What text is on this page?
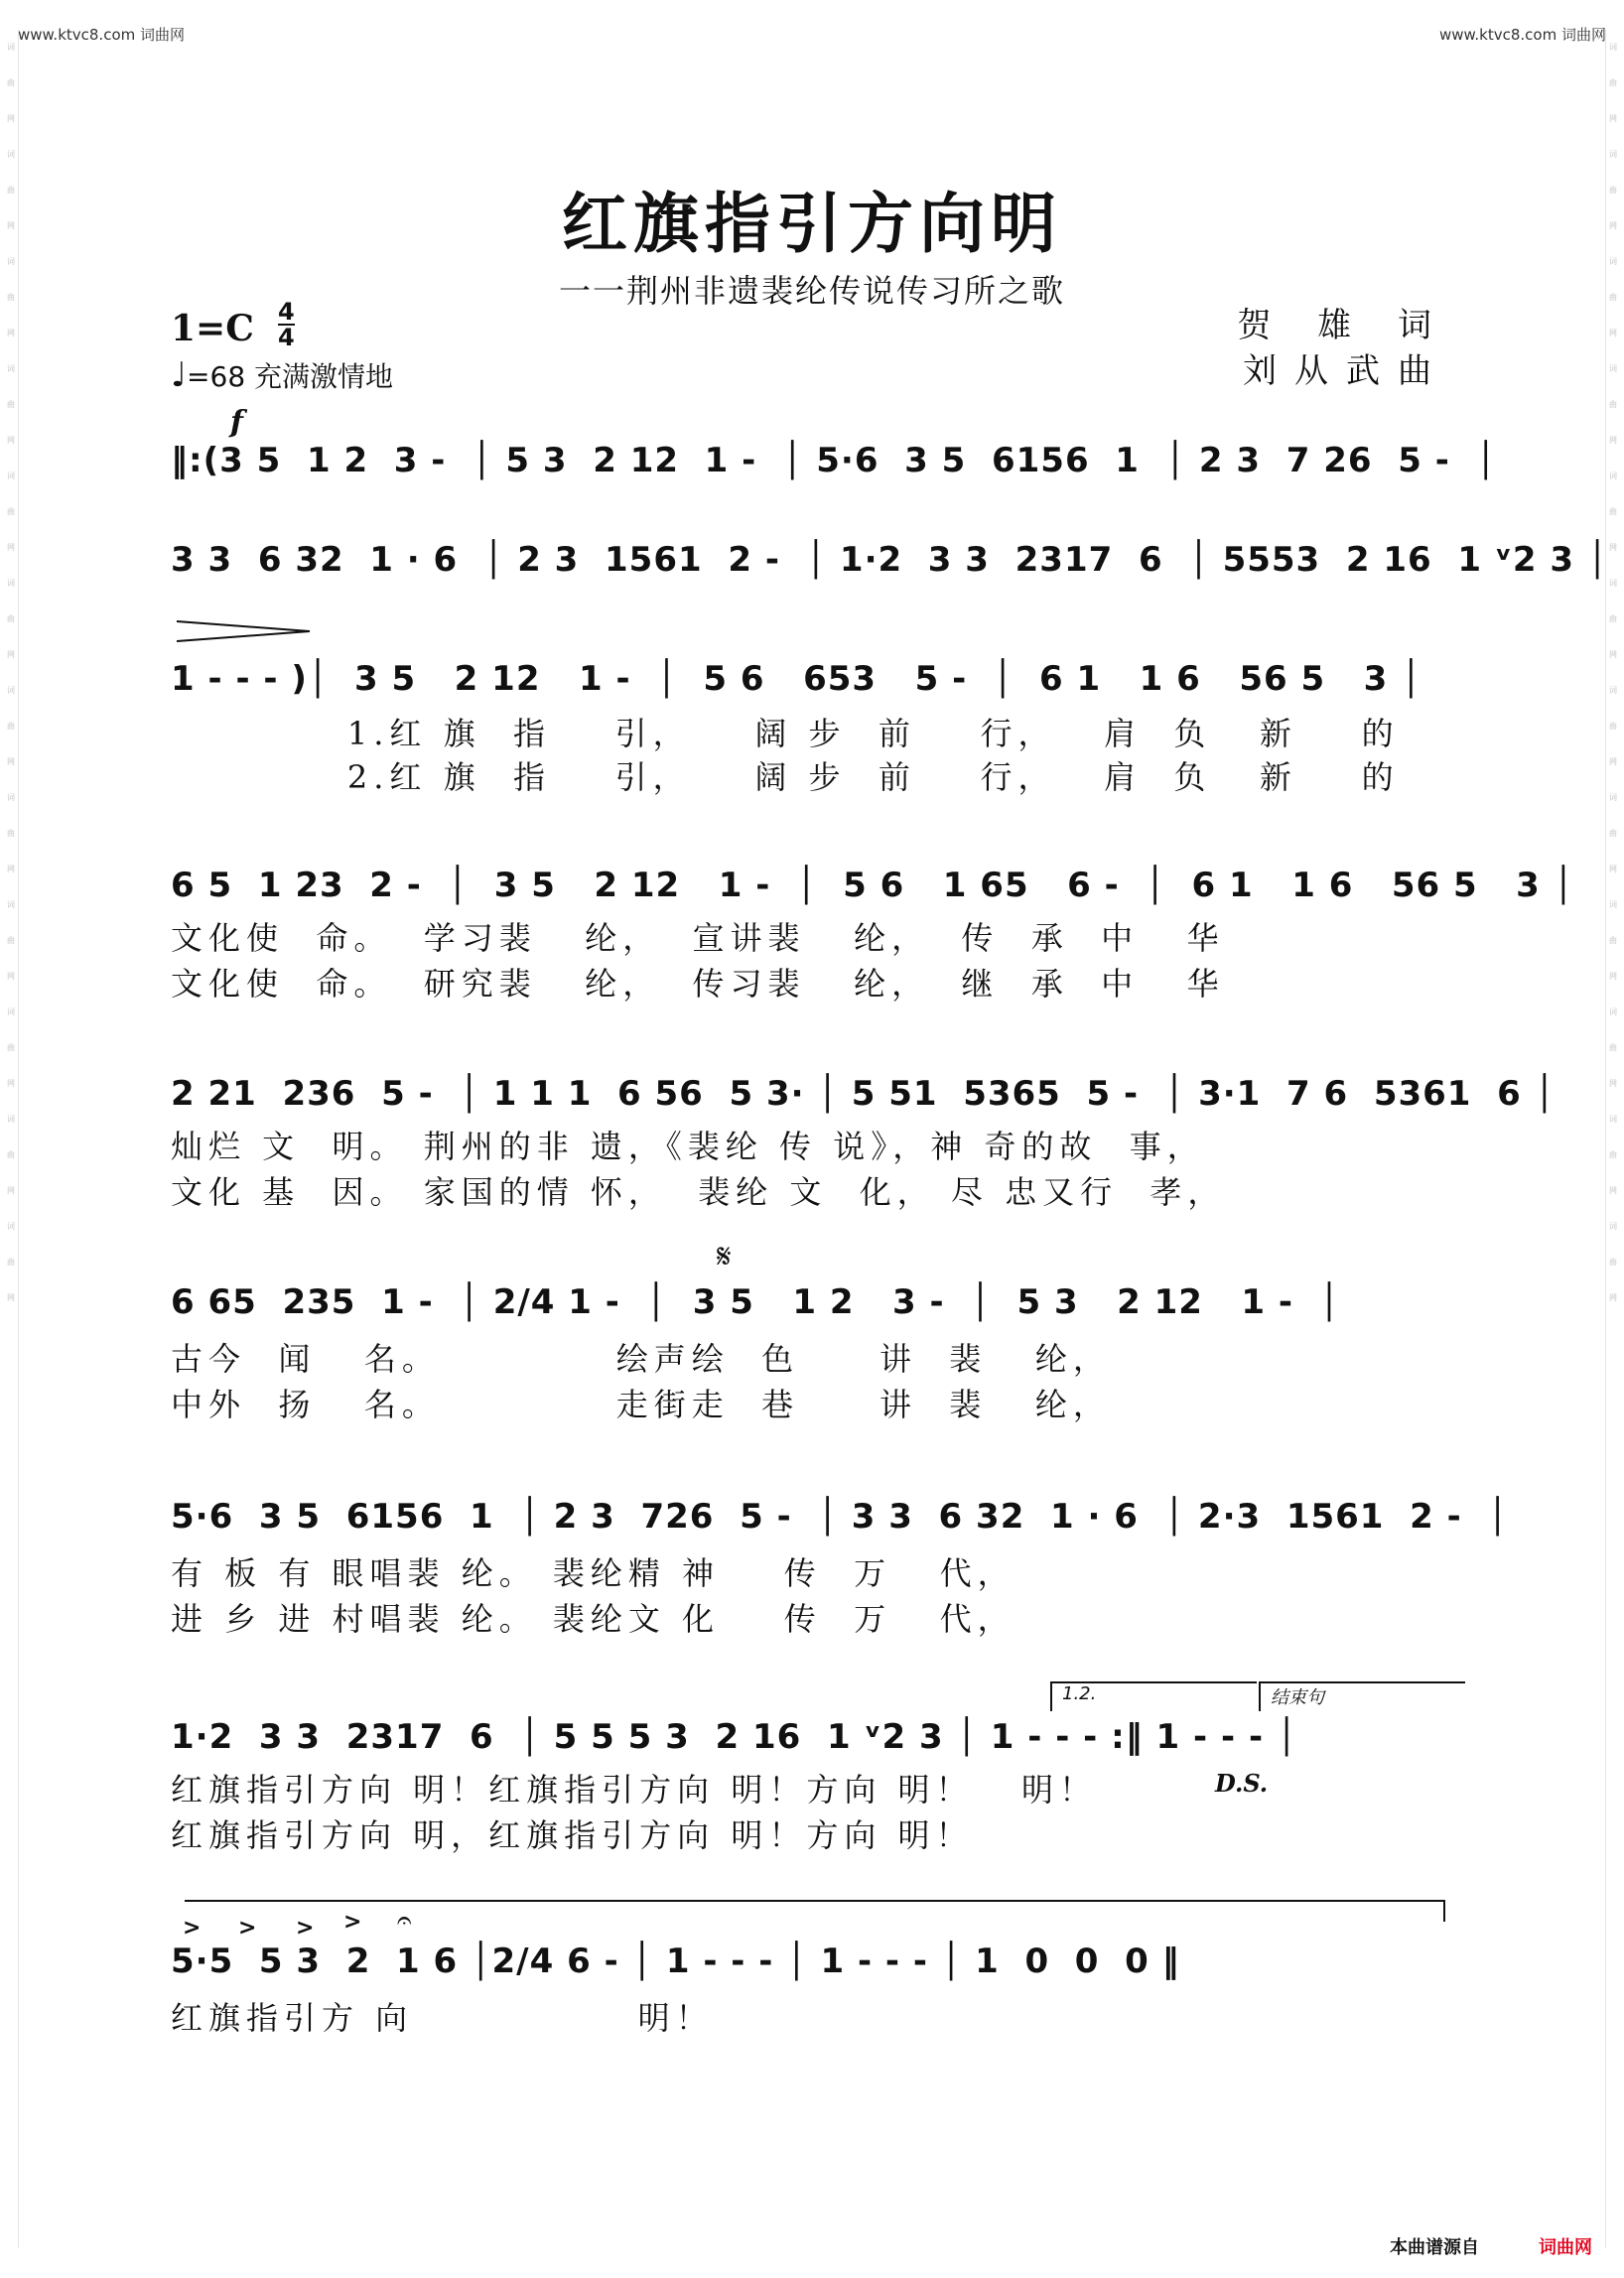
www.ktvc8.com 词曲网	www.ktvc8.com 词曲网
词曲网
词曲网
词曲网
词曲网
词曲网
词曲网
词曲网
词曲网
词曲网
词曲网
词曲网
词曲网
词曲网
词曲网
词曲网
词曲网
词曲网
词曲网
词曲网
词曲网
词曲网
词曲网
词曲网
词曲网
红旗指引方向明
一一荆州非遗裴纶传说传习所之歌
1=C 4
4
♩=68 充满激情地
贺 雄 词
刘从武曲
f
‖:(3 5  1 2  3 -  │ 5 3  2 12  1 -  │ 5·6  3 5  6156  1  │ 2 3  7 26  5 -  │
3 3  6 32  1 · 6  │ 2 3  1561  2 -  │ 1·2  3 3  2317  6  │ 5553  2 16  1 ᵛ2 3 │
1 - - - )│  3 5   2 12   1 -  │  5 6   653   5 -  │  6 1   1 6   56 5   3 │
1.红 旗  指    引，    阔 步  前    行，   肩  负   新    的
2.红 旗  指    引，    阔 步  前    行，   肩  负   新    的
6 5  1 23  2 -  │  3 5   2 12   1 -  │  5 6   1 65   6 -  │  6 1   1 6   56 5   3 │
文化使  命。  学习裴   纶，  宣讲裴   纶，  传  承  中   华
文化使  命。  研究裴   纶，  传习裴   纶，  继  承  中   华
2 21  236  5 -  │ 1 1 1  6 56  5 3· │ 5 51  5365  5 -  │ 3·1  7 6  5361  6 │
灿烂 文  明。 荆州的非 遗，《裴纶 传 说》，神 奇的故  事，
文化 基  因。 家国的情 怀，  裴纶 文  化， 尽 忠又行  孝，
𝄋
6 65  235  1 -  │ 2/4 1 -  │  3 5   1 2   3 -  │  5 3   2 12   1 -  │
古今  闻   名。           绘声绘  色     讲  裴   纶，
中外  扬   名。           走街走  巷     讲  裴   纶，
5·6  3 5  6156  1  │ 2 3  726  5 -  │ 3 3  6 32  1 · 6  │ 2·3  1561  2 -  │
有 板 有 眼唱裴 纶。 裴纶精 神    传  万   代，
进 乡 进 村唱裴 纶。 裴纶文 化    传  万   代，
1.2.	结束句
1·2  3 3  2317  6  │ 5 5 5 3  2 16  1 ᵛ2 3 │ 1 - - - :‖ 1 - - - │
红旗指引方向 明！红旗指引方向 明！方向 明！   明！
红旗指引方向 明，红旗指引方向 明！方向 明！
D.S.
> > > > 𝄐
5·5  5 3  2  1 6 │2/4 6 - │ 1 - - - │ 1 - - - │ 1  0  0  0 ‖
红旗指引方 向              明！
本曲谱源自	词曲网
